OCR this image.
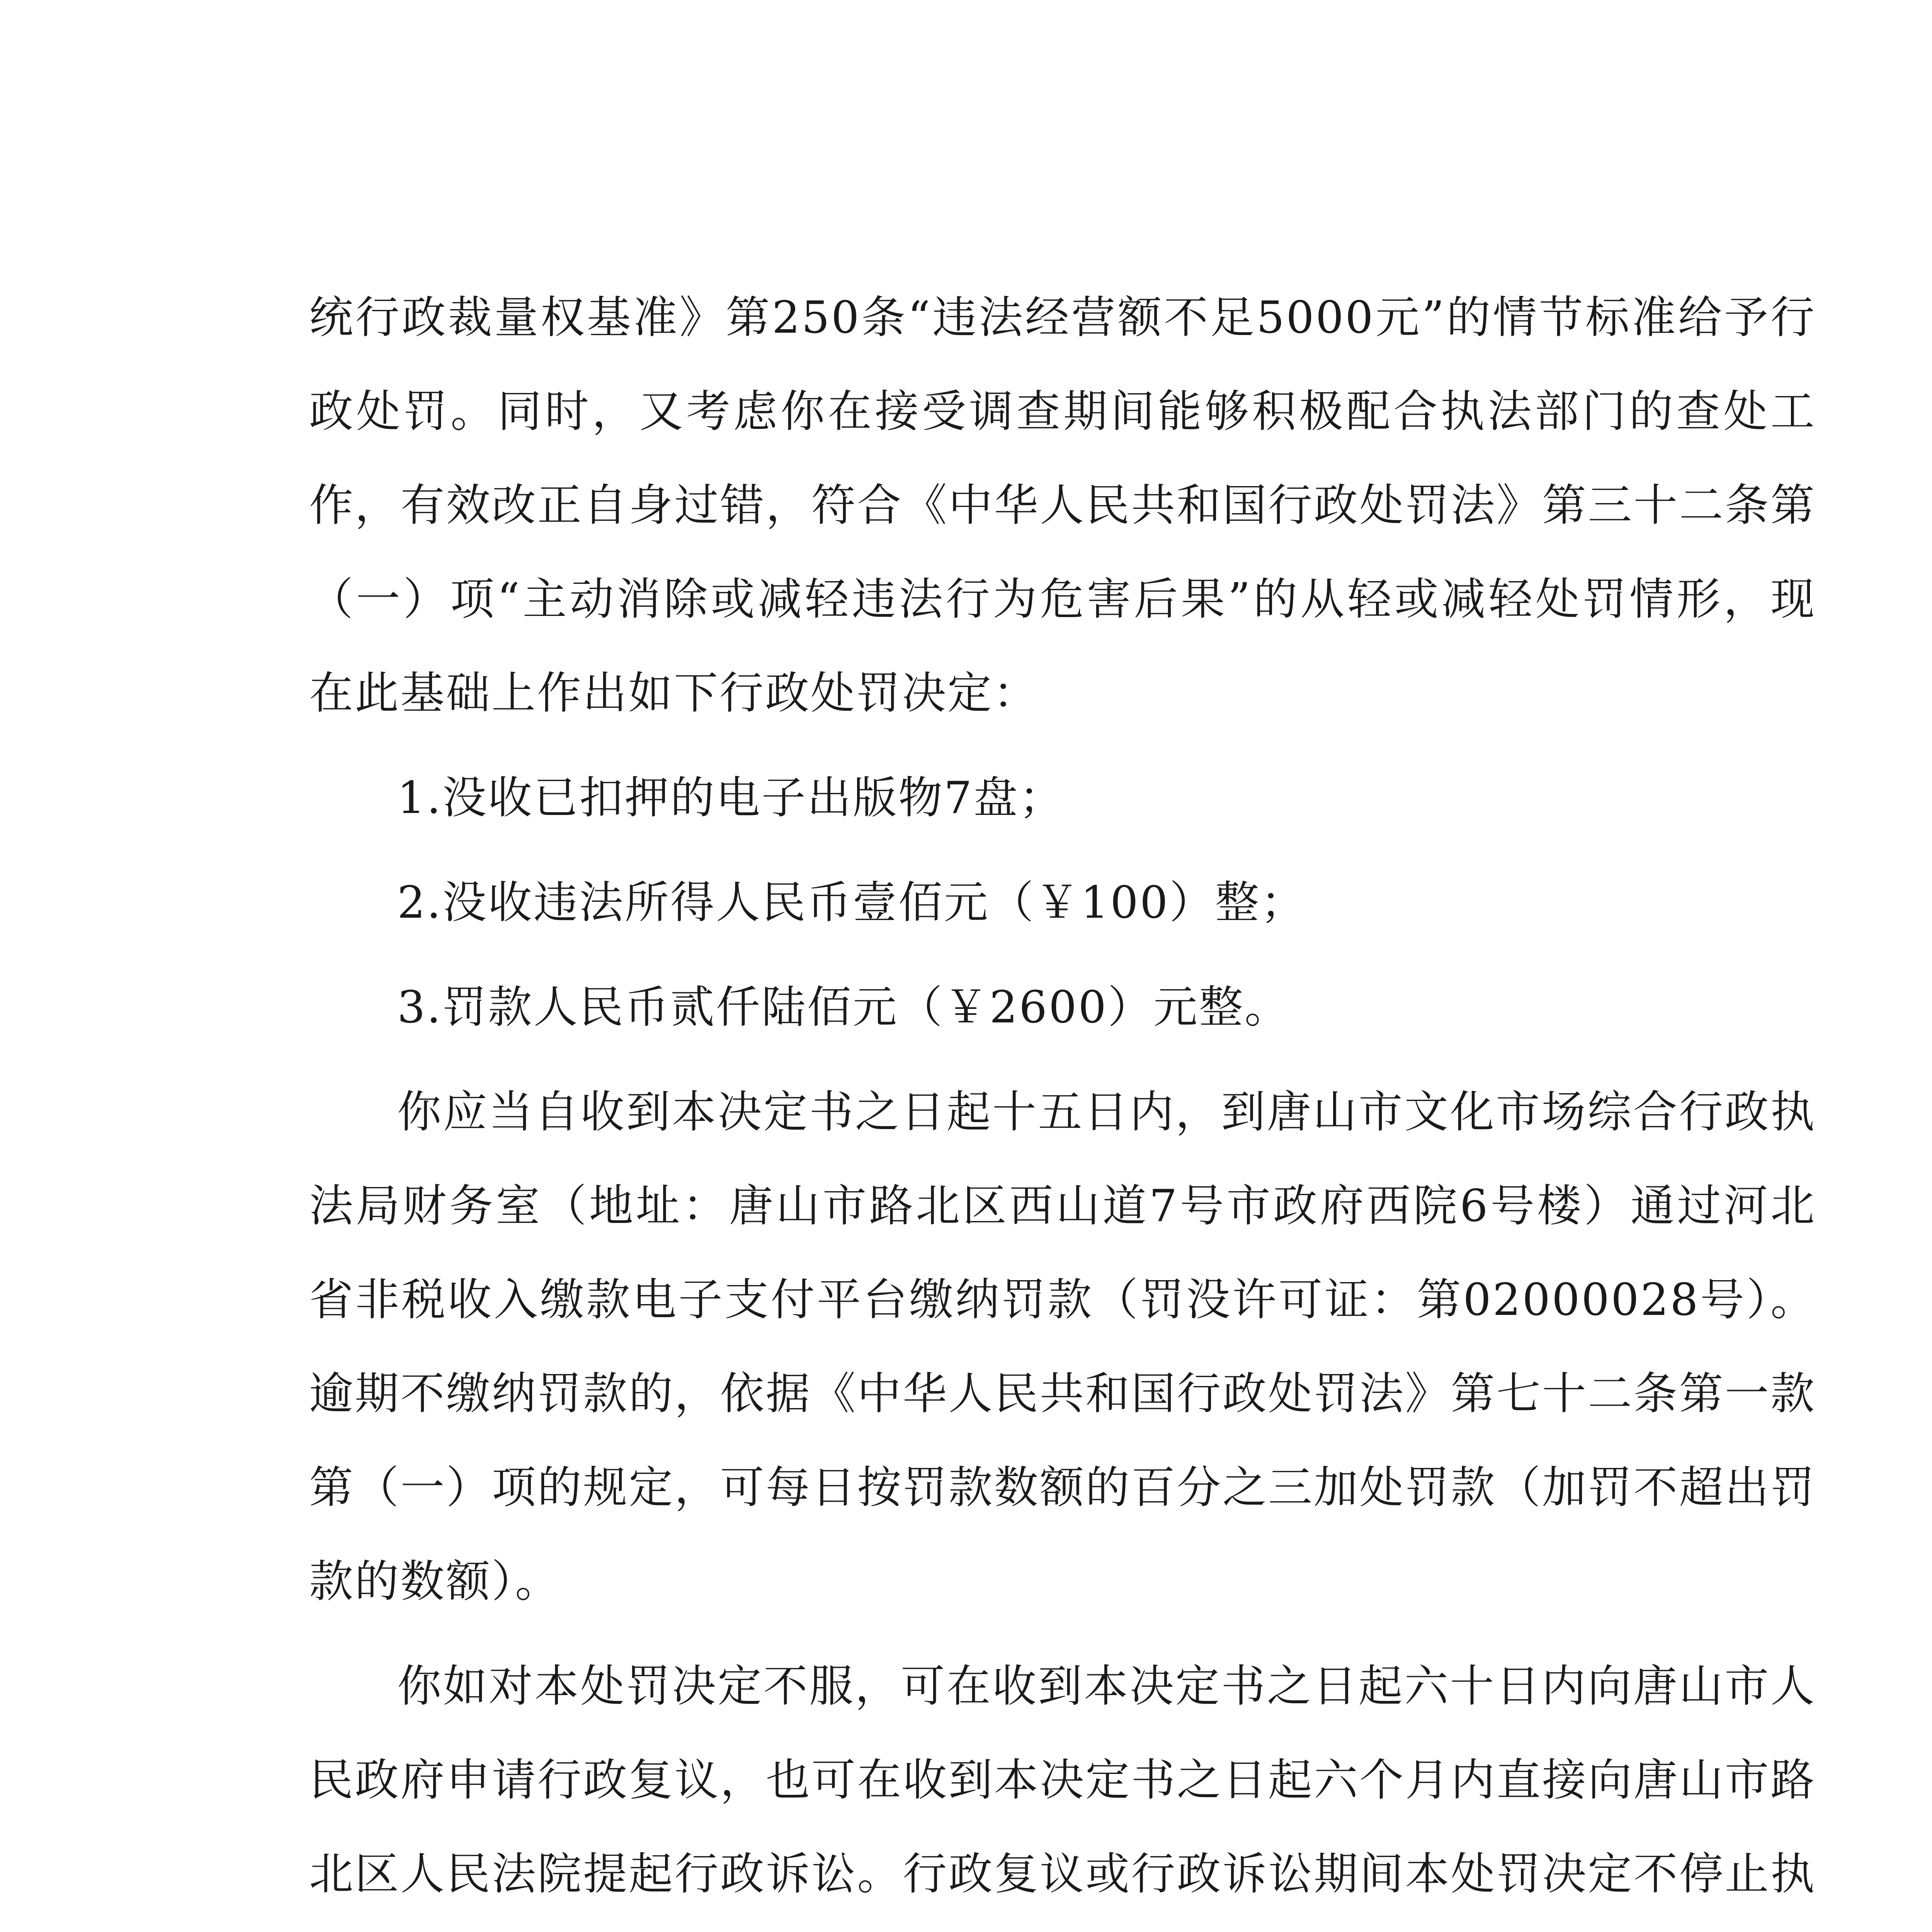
统行政裁量权基准》第250条“违法经营额不足5000元”的情节标准给予行政处罚。同时，又考虑你在接受调查期间能够积极配合执法部门的查处工作，有效改正自身过错，符合《中华人民共和国行政处罚法》第三十二条第（一）项“主动消除或减轻违法行为危害后果”的从轻或减轻处罚情形，现在此基础上作出如下行政处罚决定：

1.没收已扣押的电子出版物7盘；

2.没收违法所得人民币壹佰元（￥100）整；

3.罚款人民币贰仟陆佰元（￥2600）元整。

你应当自收到本决定书之日起十五日内，到唐山市文化市场综合行政执法局财务室（地址：唐山市路北区西山道7号市政府西院6号楼）通过河北省非税收入缴款电子支付平台缴纳罚款（罚没许可证：第02000028号）。逾期不缴纳罚款的，依据《中华人民共和国行政处罚法》第七十二条第一款第（一）项的规定，可每日按罚款数额的百分之三加处罚款（加罚不超出罚款的数额）。

你如对本处罚决定不服，可在收到本决定书之日起六十日内向唐山市人民政府申请行政复议，也可在收到本决定书之日起六个月内直接向唐山市路北区人民法院提起行政诉讼。行政复议或行政诉讼期间本处罚决定不停止执
